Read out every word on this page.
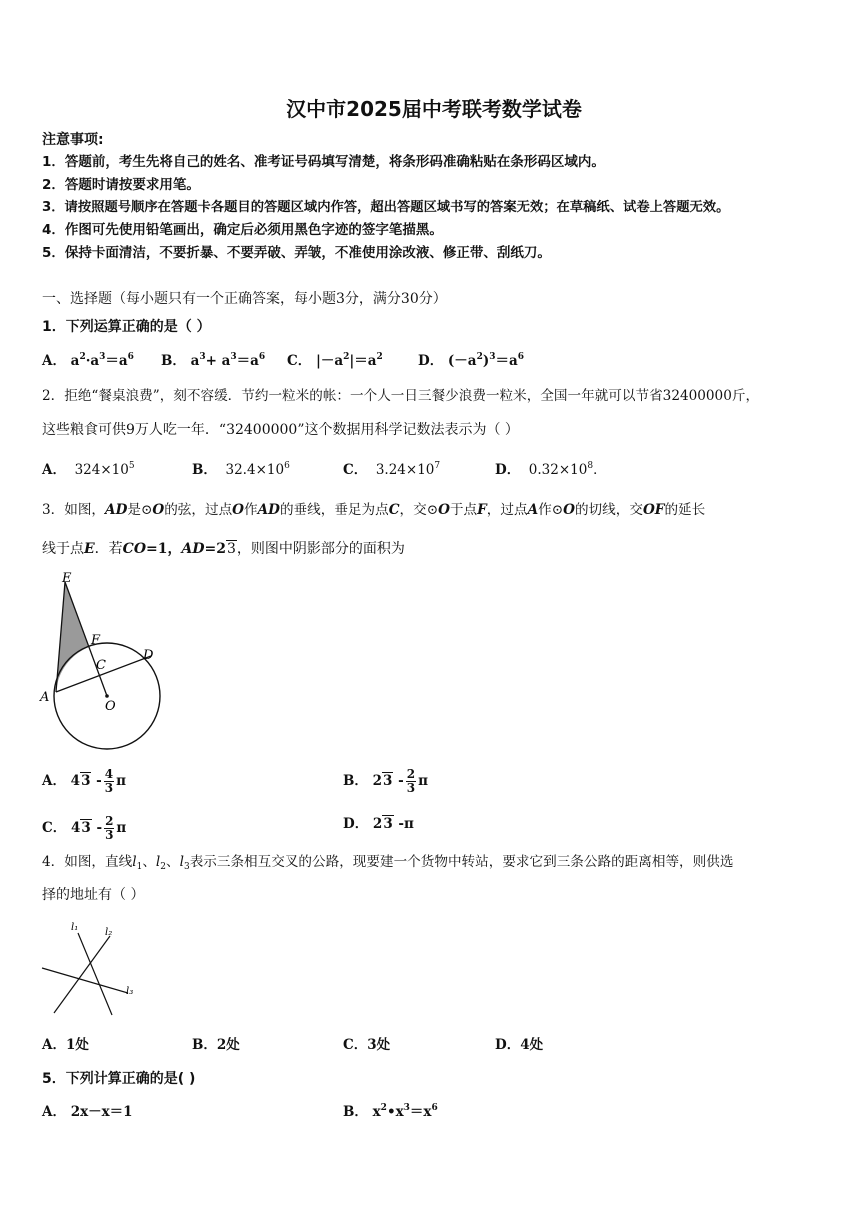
汉中市2025届中考联考数学试卷
注意事项:
1．答题前，考生先将自己的姓名、准考证号码填写清楚，将条形码准确粘贴在条形码区域内。
2．答题时请按要求用笔。
3．请按照题号顺序在答题卡各题目的答题区域内作答，超出答题区域书写的答案无效；在草稿纸、试卷上答题无效。
4．作图可先使用铅笔画出，确定后必须用黑色字迹的签字笔描黑。
5．保持卡面清洁，不要折暴、不要弄破、弄皱，不准使用涂改液、修正带、刮纸刀。
一、选择题（每小题只有一个正确答案，每小题3分，满分30分）
1．下列运算正确的是（ ）
A． $a^2\cdot a^3=a^6$ B． $a^3+ a^3=a^6$ C． $|-a^2|=a^2$	D． $(-a^2)^3=a^6$
2．拒绝“餐桌浪费”，刻不容缓．节约一粒米的帐：一个人一日三餐少浪费一粒米，全国一年就可以节省32400000斤，
这些粮食可供9万人吃一年．“32400000”这个数据用科学记数法表示为（ ）
A．  $324\times 10^5$	B．  $32.4\times 10^6$	C．  $3.24\times 10^7$	D．  $0.32\times 10^8$．
3．如图，AD是⊙O的弦，过点O作AD的垂线，垂足为点C，交⊙O于点F，过点A作⊙O的切线，交OF的延长
线于点E．若CO=1，AD=23，则图中阴影部分的面积为
E
F
C
D
A
O
A． $43 - \frac{4}{3}$ π	B． $23 - \frac{2}{3}$ π
C． $43 - \frac{2}{3}$ π	D． 23 -π
4．如图，直线$l_1$、$l_2$、$l_3$表示三条相互交叉的公路，现要建一个货物中转站，要求它到三条公路的距离相等，则供选
择的地址有（ ）
l₁	l₂
l₃
A．1处	B．2处	C．3处	D．4处
5．下列计算正确的是( )
A． 2x－x＝1	B． $x^2•x^3=x^6$
